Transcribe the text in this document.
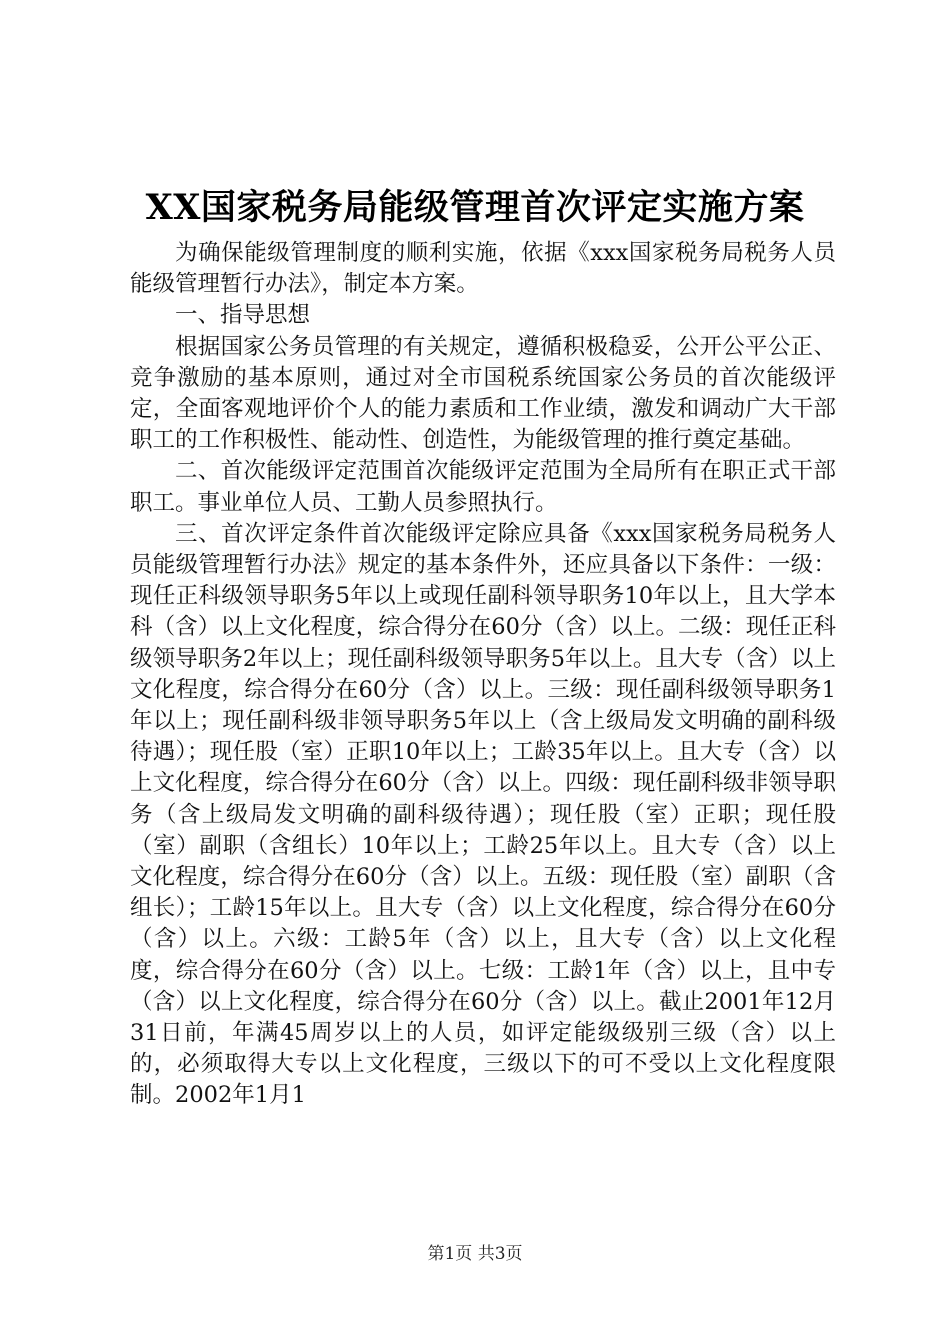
XX国家税务局能级管理首次评定实施方案

为确保能级管理制度的顺利实施，依据《xxx国家税务局税务人员能级管理暂行办法》，制定本方案。

一、指导思想

根据国家公务员管理的有关规定，遵循积极稳妥，公开公平公正、竞争激励的基本原则，通过对全市国税系统国家公务员的首次能级评定，全面客观地评价个人的能力素质和工作业绩，激发和调动广大干部职工的工作积极性、能动性、创造性，为能级管理的推行奠定基础。

二、首次能级评定范围首次能级评定范围为全局所有在职正式干部职工。事业单位人员、工勤人员参照执行。

三、首次评定条件首次能级评定除应具备《xxx国家税务局税务人员能级管理暂行办法》规定的基本条件外，还应具备以下条件：一级：现任正科级领导职务5年以上或现任副科领导职务10年以上，且大学本科（含）以上文化程度，综合得分在60分（含）以上。二级：现任正科级领导职务2年以上；现任副科级领导职务5年以上。且大专（含）以上文化程度，综合得分在60分（含）以上。三级：现任副科级领导职务1年以上；现任副科级非领导职务5年以上（含上级局发文明确的副科级待遇）；现任股（室）正职10年以上；工龄35年以上。且大专（含）以上文化程度，综合得分在60分（含）以上。四级：现任副科级非领导职务（含上级局发文明确的副科级待遇）；现任股（室）正职；现任股（室）副职（含组长）10年以上；工龄25年以上。且大专（含）以上文化程度，综合得分在60分（含）以上。五级：现任股（室）副职（含组长）；工龄15年以上。且大专（含）以上文化程度，综合得分在60分（含）以上。六级：工龄5年（含）以上，且大专（含）以上文化程度，综合得分在60分（含）以上。七级：工龄1年（含）以上，且中专（含）以上文化程度，综合得分在60分（含）以上。截止2001年12月31日前，年满45周岁以上的人员，如评定能级级别三级（含）以上的，必须取得大专以上文化程度，三级以下的可不受以上文化程度限制。2002年1月1

第1页 共3页
